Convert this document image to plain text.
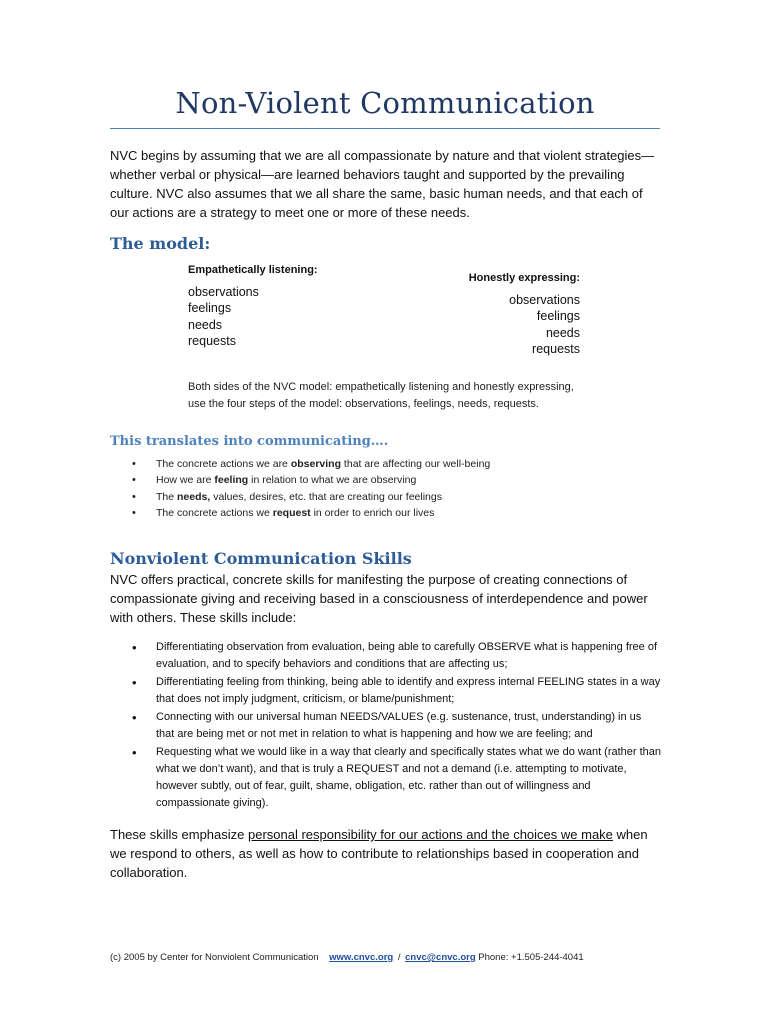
Non-Violent Communication

NVC begins by assuming that we are all compassionate by nature and that violent strategies—whether verbal or physical—are learned behaviors taught and supported by the prevailing culture. NVC also assumes that we all share the same, basic human needs, and that each of our actions are a strategy to meet one or more of these needs.

The model:

Empathetically listening:

observations
feelings
needs
requests

Honestly expressing:

observations
feelings
needs
requests

Both sides of the NVC model: empathetically listening and honestly expressing,
use the four steps of the model: observations, feelings, needs, requests.

This translates into communicating….
• The concrete actions we are observing that are affecting our well-being
• How we are feeling in relation to what we are observing
• The needs, values, desires, etc. that are creating our feelings
• The concrete actions we request in order to enrich our lives
Nonviolent Communication Skills

NVC offers practical, concrete skills for manifesting the purpose of creating connections of compassionate giving and receiving based in a consciousness of interdependence and power with others. These skills include:

• Differentiating observation from evaluation, being able to carefully OBSERVE what is happening free of evaluation, and to specify behaviors and conditions that are affecting us;
• Differentiating feeling from thinking, being able to identify and express internal FEELING states in a way that does not imply judgment, criticism, or blame/punishment;
• Connecting with our universal human NEEDS/VALUES (e.g. sustenance, trust, understanding) in us that are being met or not met in relation to what is happening and how we are feeling; and
• Requesting what we would like in a way that clearly and specifically states what we do want (rather than what we don’t want), and that is truly a REQUEST and not a demand (i.e. attempting to motivate, however subtly, out of fear, guilt, shame, obligation, etc. rather than out of willingness and compassionate giving).

These skills emphasize personal responsibility for our actions and the choices we make when we respond to others, as well as how to contribute to relationships based in cooperation and collaboration.

(c) 2005 by Center for Nonviolent Communication www.cnvc.org / cnvc@cnvc.org Phone: +1.505-244-4041
